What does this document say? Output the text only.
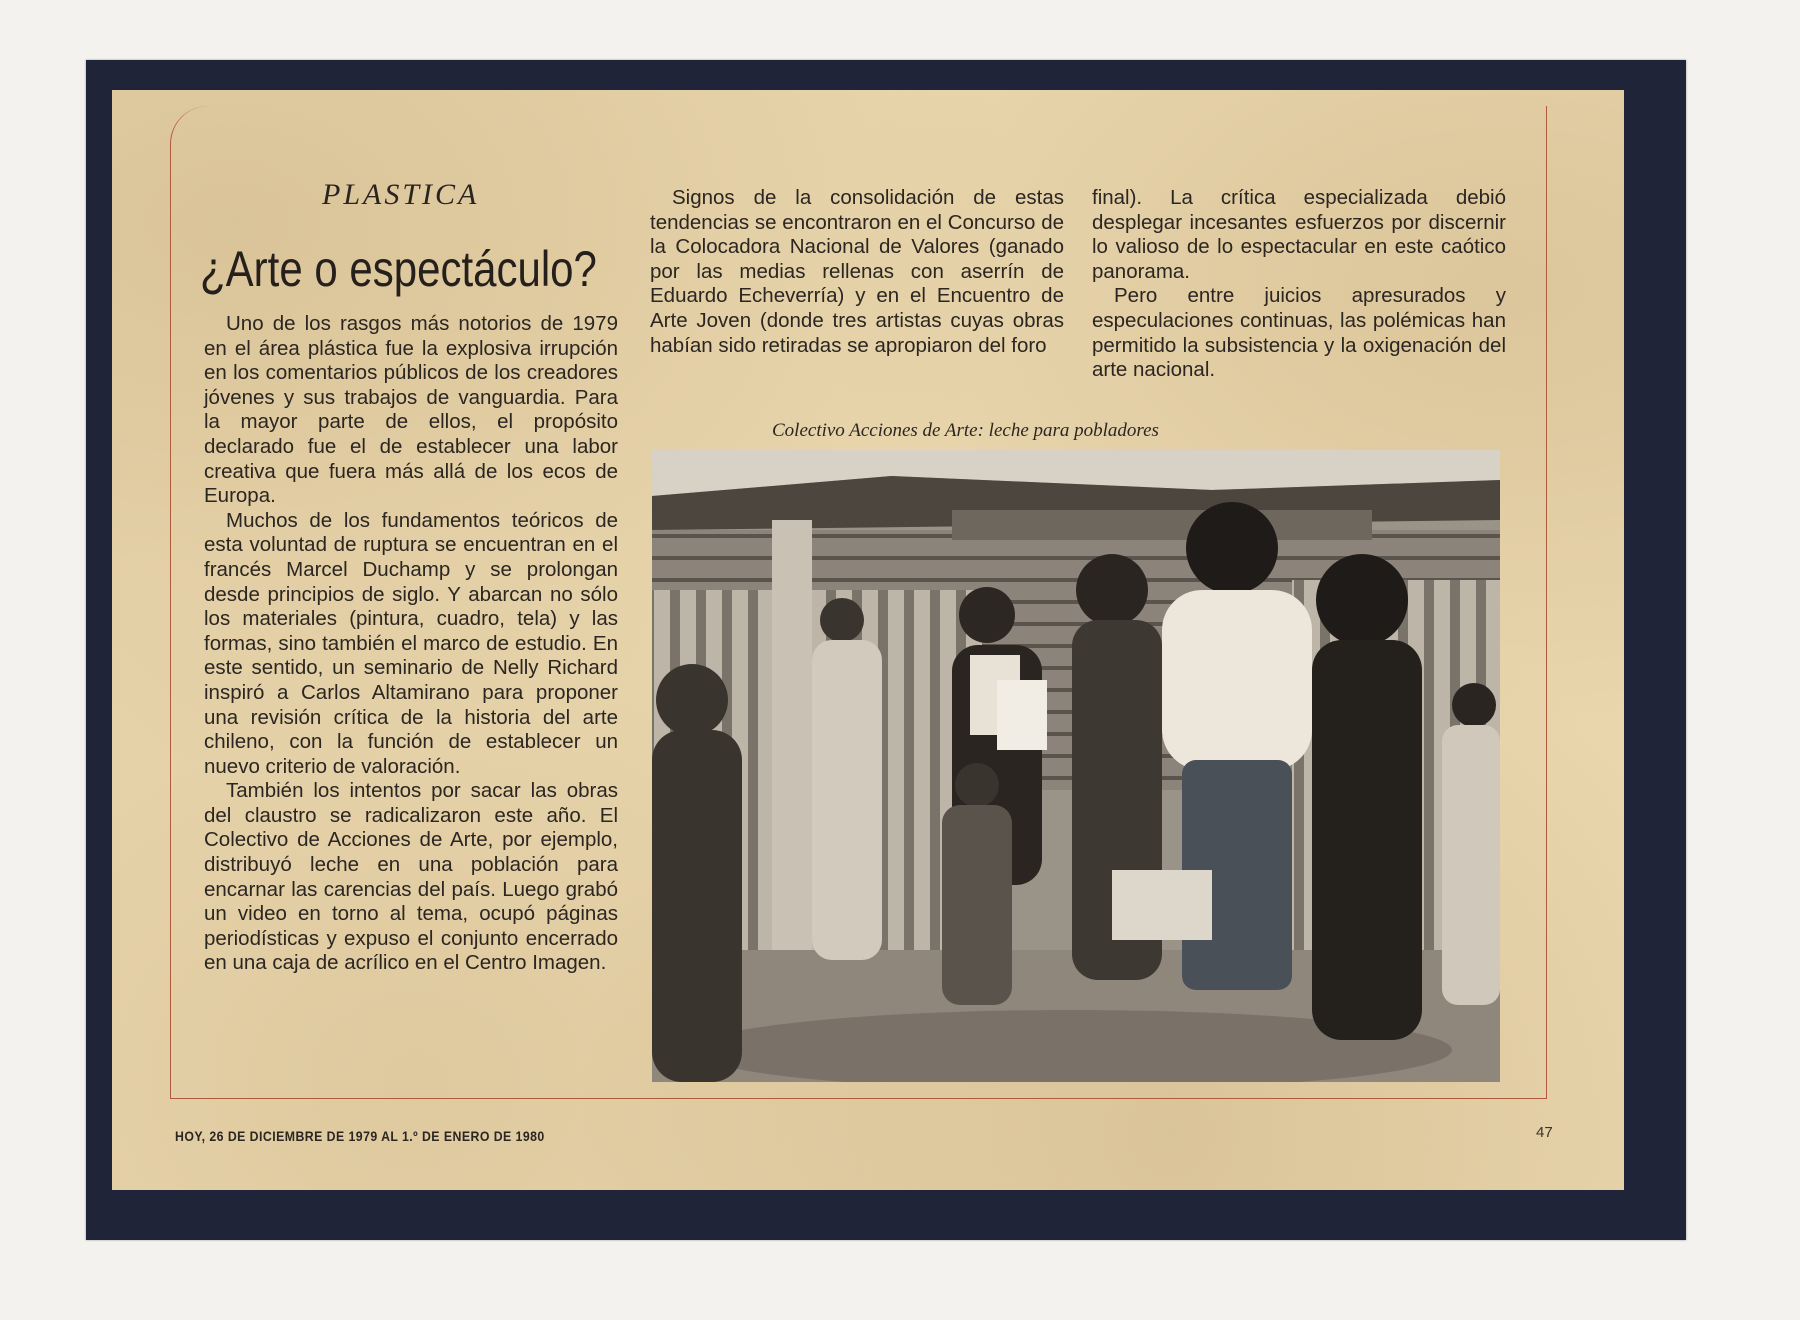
PLASTICA
¿Arte o espectáculo?

Uno de los rasgos más notorios de 1979 en el área plástica fue la explosiva irrupción en los comentarios públicos de los creadores jóvenes y sus trabajos de vanguardia. Para la mayor parte de ellos, el propósito declarado fue el de establecer una labor creativa que fuera más allá de los ecos de Europa.

Muchos de los fundamentos teóricos de esta voluntad de ruptura se encuentran en el francés Marcel Duchamp y se prolongan desde principios de siglo. Y abarcan no sólo los materiales (pintura, cuadro, tela) y las formas, sino también el marco de estudio. En este sentido, un seminario de Nelly Richard inspiró a Carlos Altamirano para proponer una revisión crítica de la historia del arte chileno, con la función de establecer un nuevo criterio de valoración.

También los intentos por sacar las obras del claustro se radicalizaron este año. El Colectivo de Acciones de Arte, por ejemplo, distribuyó leche en una población para encarnar las carencias del país. Luego grabó un video en torno al tema, ocupó páginas periodísticas y expuso el conjunto encerrado en una caja de acrílico en el Centro Imagen.

Signos de la consolidación de estas tendencias se encontraron en el Concurso de la Colocadora Nacional de Valores (ganado por las medias rellenas con aserrín de Eduardo Echeverría) y en el Encuentro de Arte Joven (donde tres artistas cuyas obras habían sido retiradas se apropiaron del foro

final). La crítica especializada debió desplegar incesantes esfuerzos por discernir lo valioso de lo espectacular en este caótico panorama.

Pero entre juicios apresurados y especulaciones continuas, las polémicas han permitido la subsistencia y la oxigenación del arte nacional.

Colectivo Acciones de Arte: leche para pobladores
HOY, 26 DE DICIEMBRE DE 1979 AL 1.º DE ENERO DE 1980	47
